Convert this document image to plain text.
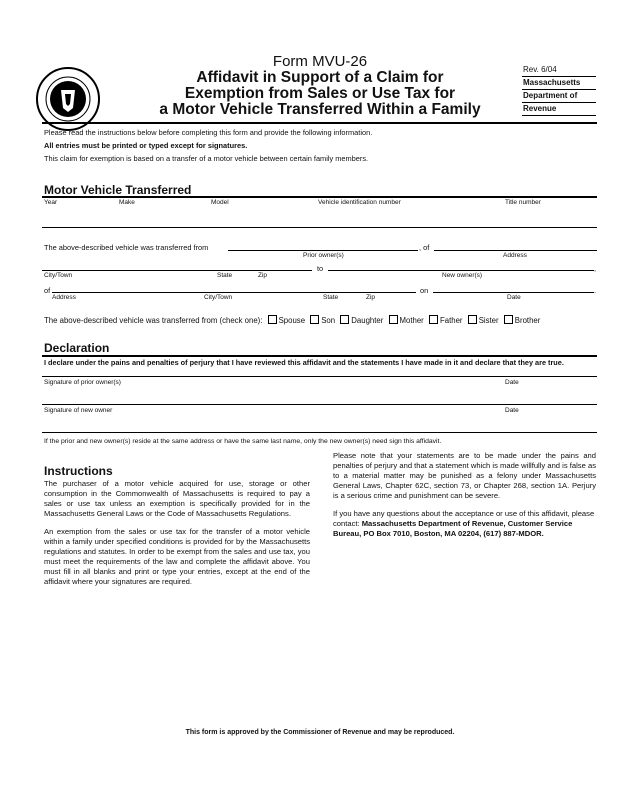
Form MVU-26
Affidavit in Support of a Claim for
Exemption from Sales or Use Tax for
a Motor Vehicle Transferred Within a Family
Rev. 6/04
Massachusetts
Department of
Revenue
Please read the instructions below before completing this form and provide the following information.
All entries must be printed or typed except for signatures.
This claim for exemption is based on a transfer of a motor vehicle between certain family members.
Motor Vehicle Transferred
Year	Make	Model	Vehicle identification number	Title number
The above-described vehicle was transferred from	, of
Prior owner(s)	Address
to	,
City/Town	State	Zip	New owner(s)
of	on	.
Address	City/Town	State	Zip	Date
The above-described vehicle was transferred from (check one): Spouse Son Daughter Mother Father Sister Brother
Declaration
I declare under the pains and penalties of perjury that I have reviewed this affidavit and the statements I have made in it and declare that they are true.
Signature of prior owner(s)	Date
Signature of new owner	Date
If the prior and new owner(s) reside at the same address or have the same last name, only the new owner(s) need sign this affidavit.
Instructions

The purchaser of a motor vehicle acquired for use, storage or other consumption in the Commonwealth of Massachusetts is required to pay a sales or use tax unless an exemption is specifically provided for in the Massachusetts General Laws or the Code of Massachusetts Regulations.

An exemption from the sales or use tax for the transfer of a motor vehicle within a family under specified conditions is provided for by the Massachusetts regulations and statutes. In order to be exempt from the sales and use tax, you must meet the requirements of the law and complete the affidavit above. You must fill in all blanks and print or type your entries, except at the end of the affidavit where your signatures are required.

Please note that your statements are to be made under the pains and penalties of perjury and that a statement which is made willfully and is false as to a material matter may be punished as a felony under Massachusetts General Laws, Chapter 62C, section 73, or Chapter 268, section 1A. Perjury is a serious crime and punishment can be severe.

If you have any questions about the acceptance or use of this affidavit, please contact: Massachusetts Department of Revenue, Customer Service Bureau, PO Box 7010, Boston, MA 02204, (617) 887-MDOR.

This form is approved by the Commissioner of Revenue and may be reproduced.
